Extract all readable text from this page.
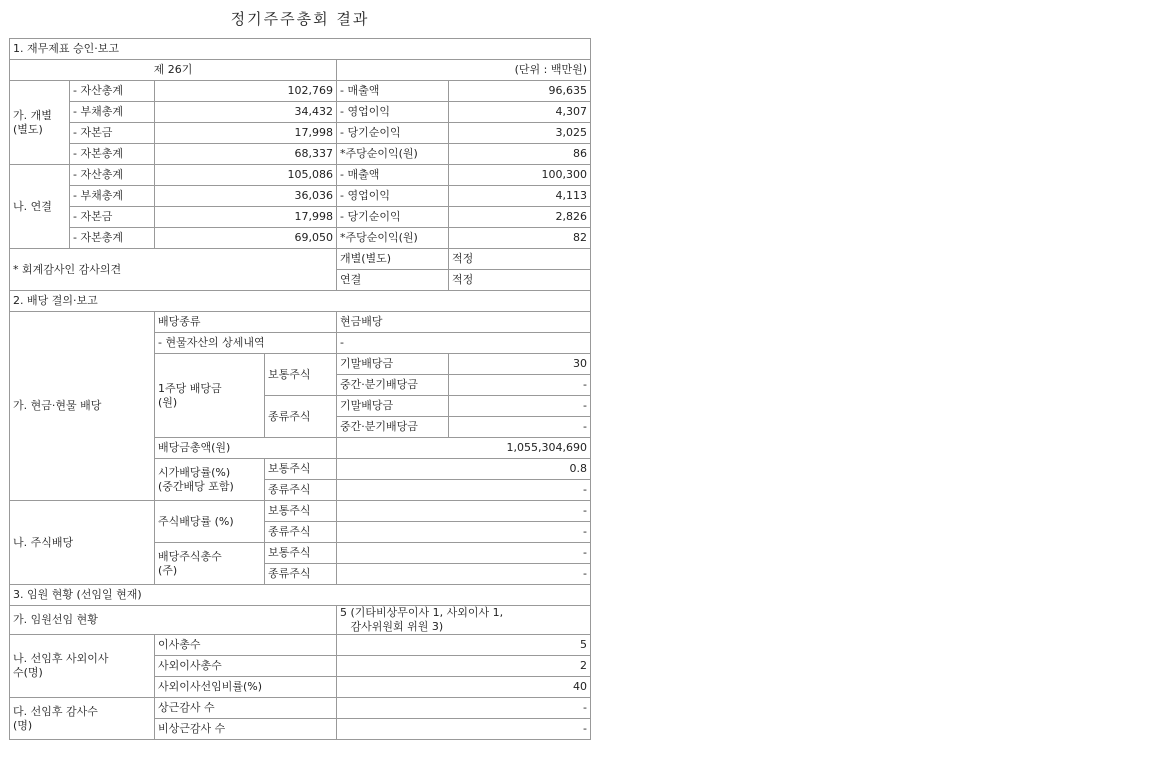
정기주주총회 결과
1. 재무제표 승인·보고					
제 26기				(단위 : 백만원)	
가. 개별
(별도)	- 자산총계	102,769		- 매출액	96,635
	- 부채총계	34,432		- 영업이익	4,307
	- 자본금	17,998		- 당기순이익	3,025
	- 자본총계	68,337		*주당순이익(원)	86
나. 연결	- 자산총계	105,086		- 매출액	100,300
	- 부채총계	36,036		- 영업이익	4,113
	- 자본금	17,998		- 당기순이익	2,826
	- 자본총계	69,050		*주당순이익(원)	82
* 회계감사인 감사의견				개별(별도)	적정
				연결	적정
2. 배당 결의·보고					
가. 현금·현물 배당		배당종류		현금배당	
		- 현물자산의 상세내역		-	
		1주당 배당금
(원)	보통주식	기말배당금	30
				중간·분기배당금	-
			종류주식	기말배당금	-
				중간·분기배당금	-
		배당금총액(원)		1,055,304,690	
		시가배당률(%)
(중간배당 포함)	보통주식	0.8	
			종류주식	-	
나. 주식배당		주식배당률 (%)	보통주식	-	
			종류주식	-	
		배당주식총수
(주)	보통주식	-	
			종류주식	-	
3. 임원 현황 (선임일 현재)					
가. 임원선임 현황				5 (기타비상무이사 1, 사외이사 1,
감사위원회 위원 3)	
나. 선임후 사외이사
수(명)		이사총수		5	
		사외이사총수		2	
		사외이사선임비률(%)		40	
다. 선임후 감사수
(명)		상근감사 수		-	
		비상근감사 수		-	
